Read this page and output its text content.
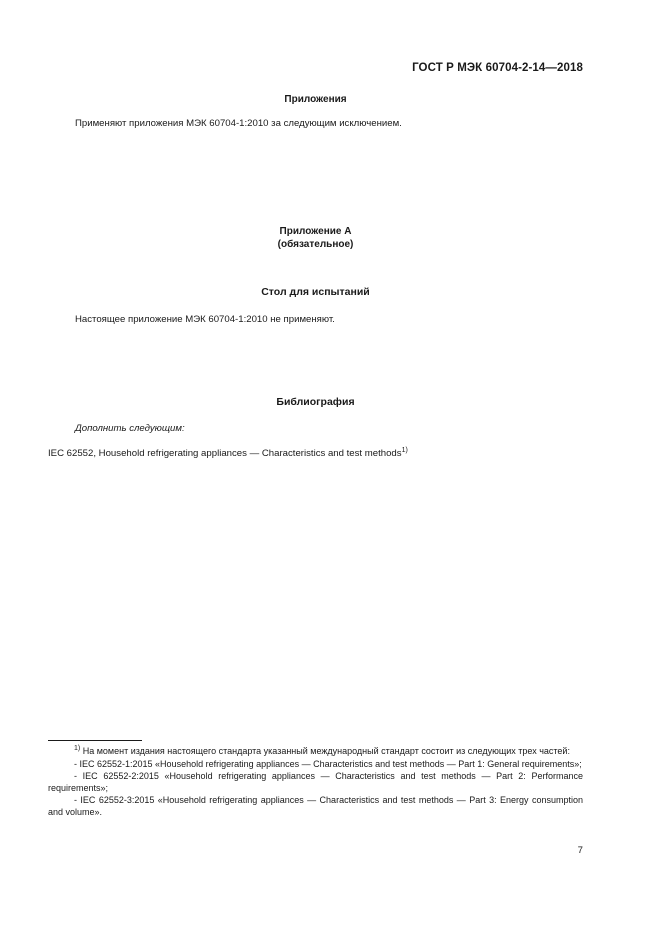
ГОСТ Р МЭК 60704-2-14—2018
Приложения
Применяют приложения МЭК 60704-1:2010 за следующим исключением.
Приложение А
(обязательное)
Стол для испытаний
Настоящее приложение МЭК 60704-1:2010 не применяют.
Библиография
Дополнить следующим:
IEC 62552, Household refrigerating appliances — Characteristics and test methods$^{1)}$

$^{1)}$ На момент издания настоящего стандарта указанный международный стандарт состоит из следующих трех частей:

- IEC 62552-1:2015 «Household refrigerating appliances — Characteristics and test methods — Part 1: General requirements»;

- IEC 62552-2:2015 «Household refrigerating appliances — Characteristics and test methods — Part 2: Performance requirements»;

- IEC 62552-3:2015 «Household refrigerating appliances — Characteristics and test methods — Part 3: Energy consumption and volume».

7
